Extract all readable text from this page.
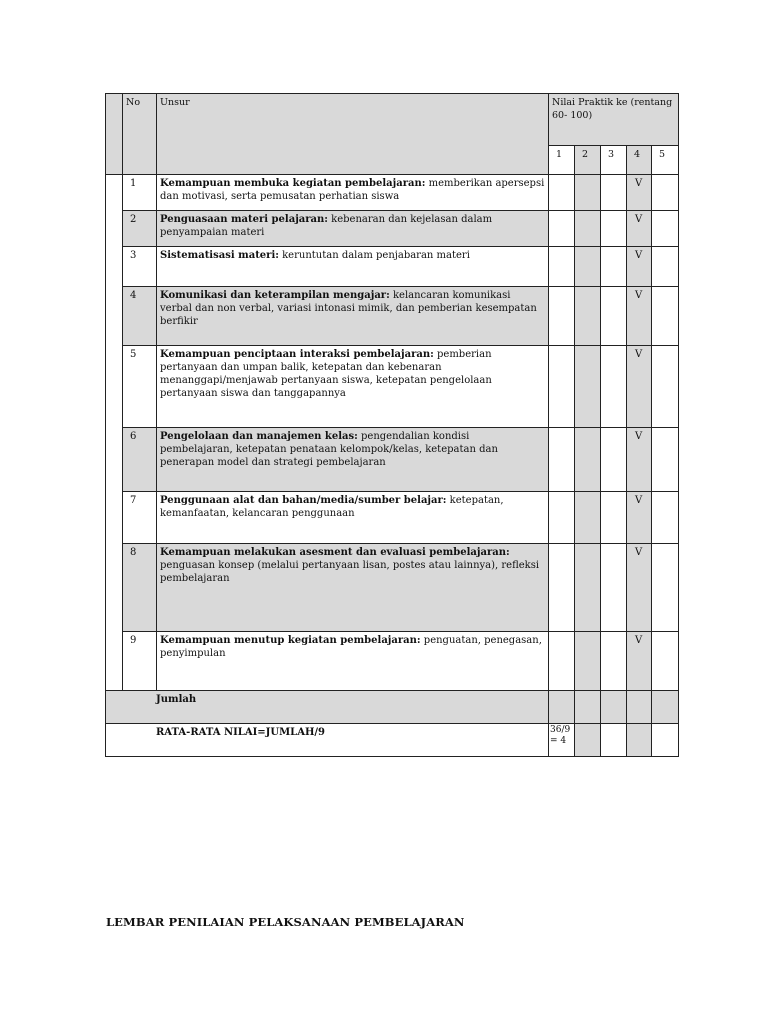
	No	Unsur	Nilai Praktik ke (rentang 60- 100)				
			1	2	3	4	5
	1	Kemampuan membuka kegiatan pembelajaran: memberikan apersepsi dan motivasi, serta pemusatan perhatian siswa				V	
	2	Penguasaan materi pelajaran: kebenaran dan kejelasan dalam penyampaian materi				V	
	3	Sistematisasi materi: keruntutan dalam penjabaran materi				V	
	4	Komunikasi dan keterampilan mengajar: kelancaran komunikasi verbal dan non verbal, variasi intonasi mimik, dan pemberian kesempatan berfikir				V	
	5	Kemampuan penciptaan interaksi pembelajaran: pemberian pertanyaan dan umpan balik, ketepatan dan kebenaran menanggapi/menjawab pertanyaan siswa, ketepatan pengelolaan pertanyaan siswa dan tanggapannya				V	
	6	Pengelolaan dan manajemen kelas: pengendalian kondisi pembelajaran, ketepatan penataan kelompok/kelas, ketepatan dan penerapan model dan strategi pembelajaran				V	
	7	Penggunaan alat dan bahan/media/sumber belajar: ketepatan, kemanfaatan, kelancaran penggunaan				V	
	8	Kemampuan melakukan asesment dan evaluasi pembelajaran: penguasan konsep (melalui pertanyaan lisan, postes atau lainnya), refleksi pembelajaran				V	
	9	Kemampuan menutup kegiatan pembelajaran: penguatan, penegasan, penyimpulan				V	
Jumlah							
RATA-RATA NILAI=JUMLAH/9			36/9 = 4				
LEMBAR PENILAIAN PELAKSANAAN PEMBELAJARAN
